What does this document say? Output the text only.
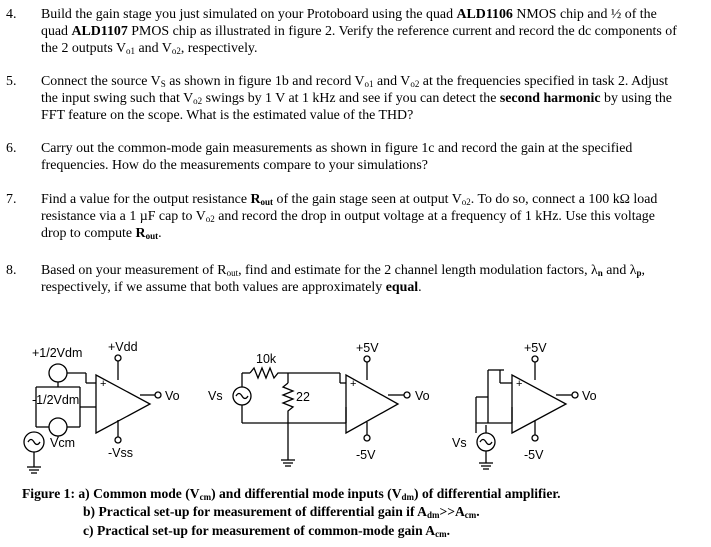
4.	Build the gain stage you just simulated on your Protoboard using the quad ALD1106 NMOS chip and ½ of the quad ALD1107 PMOS chip as illustrated in figure 2. Verify the reference current and record the dc components of the 2 outputs $V_{o1}$ and $V_{o2}$, respectively.
5.	Connect the source $V_S$ as shown in figure 1b and record $V_{o1}$ and $V_{o2}$ at the frequencies specified in task 2. Adjust the input swing such that $V_{o2}$ swings by 1 V at 1 kHz and see if you can detect the second harmonic by using the FFT feature on the scope. What is the estimated value of the THD?
6.	Carry out the common-mode gain measurements as shown in figure 1c and record the gain at the specified frequencies. How do the measurements compare to your simulations?
7.	Find a value for the output resistance $R_{out}$ of the gain stage seen at output $V_{o2}$. To do so, connect a 100 kΩ load resistance via a 1 µF cap to $V_{o2}$ and record the drop in output voltage at a frequency of 1 kHz. Use this voltage drop to compute $R_{out}$.
8.	Based on your measurement of $R_{out}$, find and estimate for the 2 channel length modulation factors, $\lambda_n$ and $\lambda_p$, respectively, if we assume that both values are approximately equal.
+1/2Vdm +Vdd
-1/2Vdm
Vcm
+
-Vss
Vo Vs
10k
22
+
+5V
-5V
Vo
+5V
+
-5V
Vo
Vs
Figure 1: a) Common mode $(V_{cm})$ and differential mode inputs $(V_{dm})$ of differential amplifier.
b) Practical set-up for measurement of differential gain if $A_{dm}>>A_{cm}$.
c) Practical set-up for measurement of common-mode gain $A_{cm}$.
